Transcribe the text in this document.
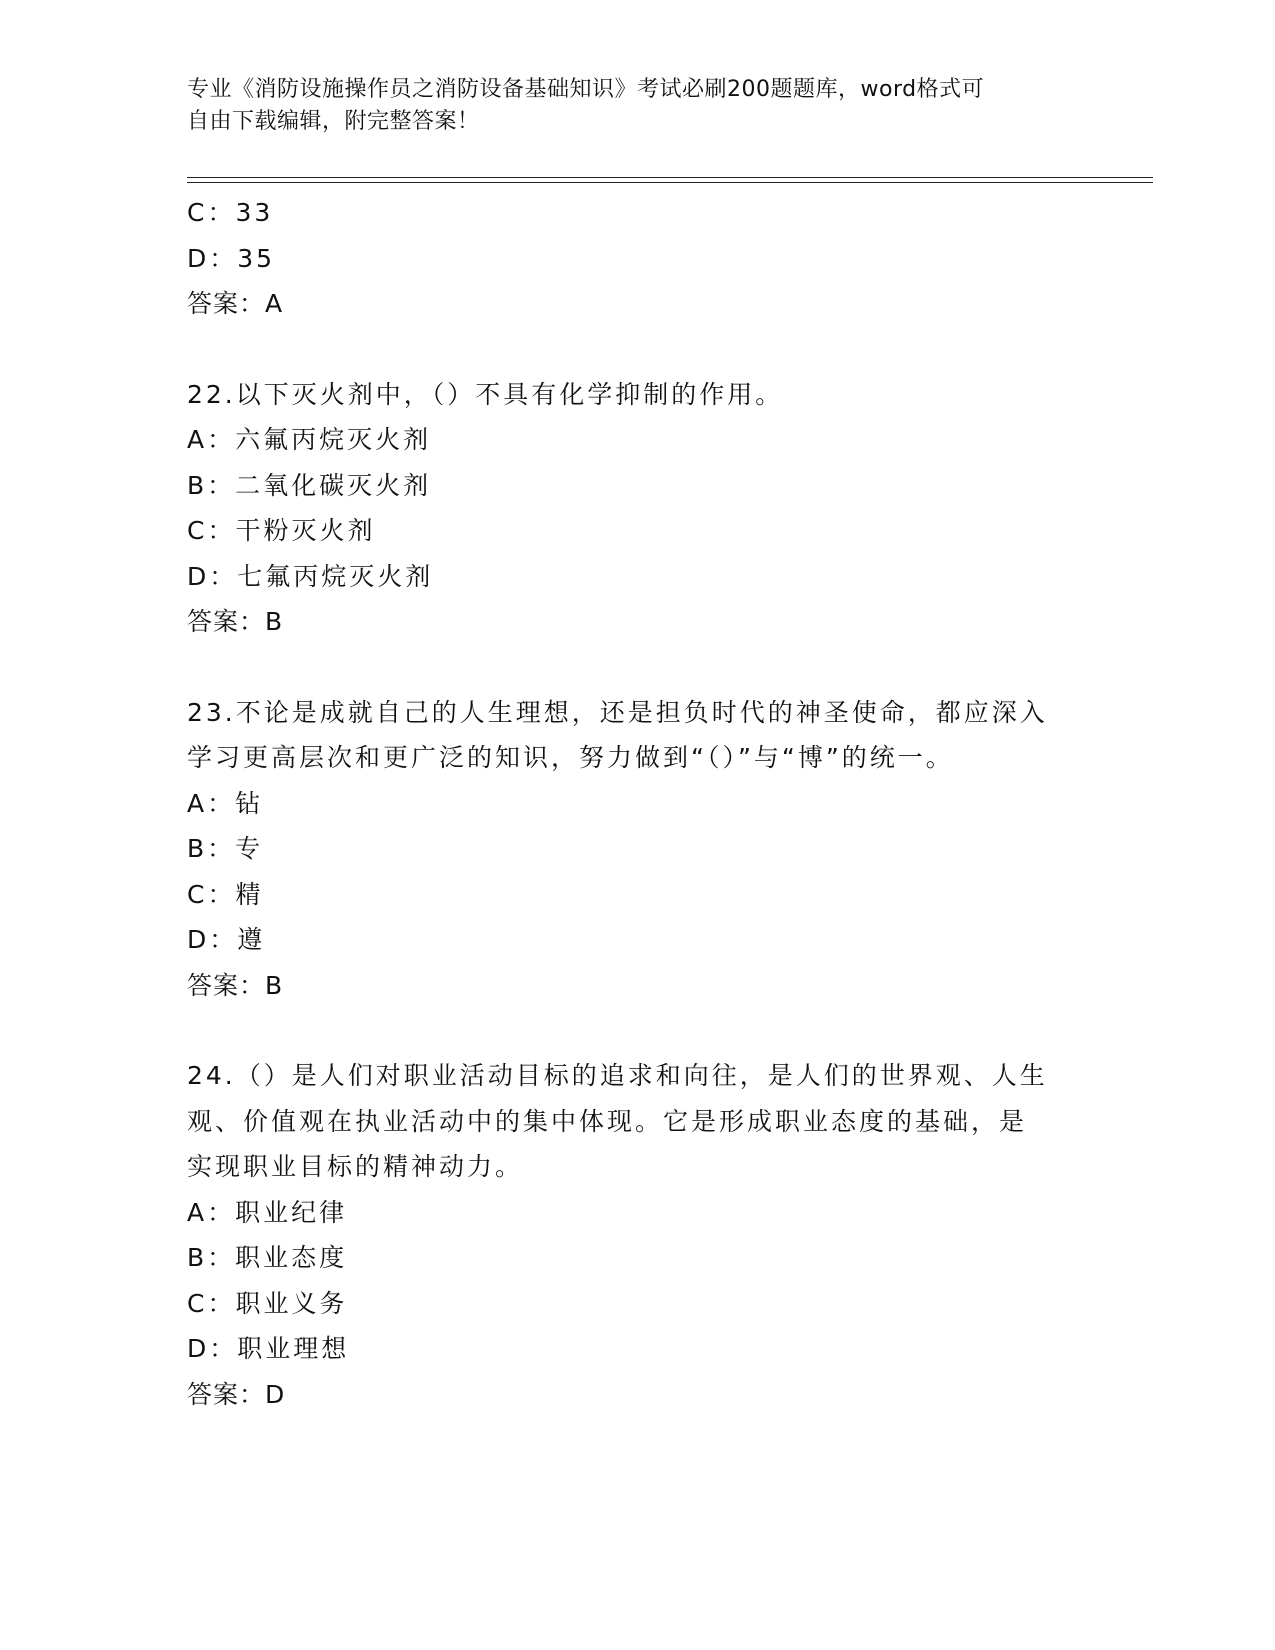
专业《消防设施操作员之消防设备基础知识》考试必刷200题题库，word格式可
自由下载编辑，附完整答案！
C：33
D：35
答案：A
22.以下灭火剂中，（）不具有化学抑制的作用。
A：六氟丙烷灭火剂
B：二氧化碳灭火剂
C：干粉灭火剂
D：七氟丙烷灭火剂
答案：B
23.不论是成就自己的人生理想，还是担负时代的神圣使命，都应深入
学习更高层次和更广泛的知识，努力做到“（）”与“博”的统一。
A：钻
B：专
C：精
D：遵
答案：B
24.（）是人们对职业活动目标的追求和向往，是人们的世界观、人生
观、价值观在执业活动中的集中体现。它是形成职业态度的基础，是
实现职业目标的精神动力。
A：职业纪律
B：职业态度
C：职业义务
D：职业理想
答案：D
